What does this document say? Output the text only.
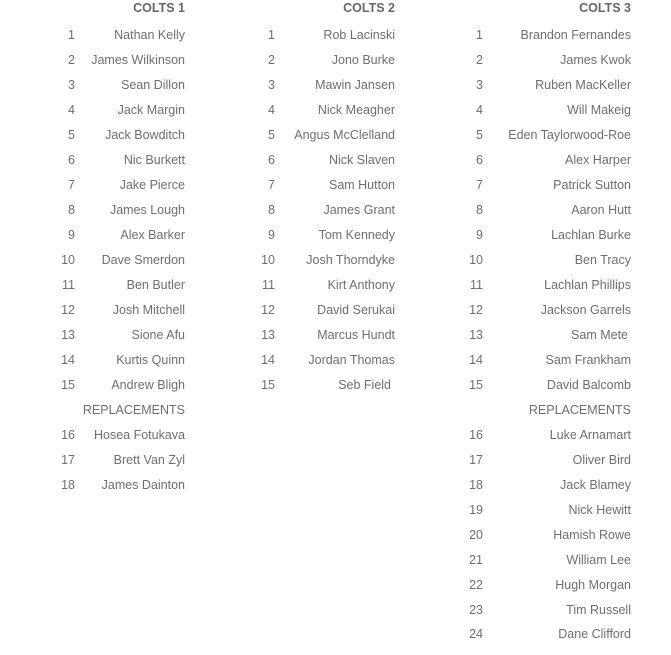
COLTS 1
1	Nathan Kelly
2 James Wilkinson
3	Sean Dillon
4	Jack Margin
5 Jack Bowditch
6	Nic Burkett
7	Jake Pierce
8	James Lough
9	Alex Barker
10 Dave Smerdon
11	Ben Butler
12	Josh Mitchell
13	Sione Afu
14	Kurtis Quinn
15	Andrew Bligh
REPLACEMENTS
16 Hosea Fotukava
17	Brett Van Zyl
18 James Dainton
COLTS 2
1	Rob Lacinski
2	Jono Burke
3	Mawin Jansen
4	Nick Meagher
5 Angus McClelland
6	Nick Slaven
7	Sam Hutton
8	James Grant
9	Tom Kennedy
10	Josh Thorndyke
11	Kirt Anthony
12	David Serukai
13	Marcus Hundt
14	Jordan Thomas
15	Seb Field
COLTS 3
1	Brandon Fernandes
2	James Kwok
3	Ruben MacKeller
4	Will Makeig
5 Eden Taylorwood-Roe
6	Alex Harper
7	Patrick Sutton
8	Aaron Hutt
9	Lachlan Burke
10	Ben Tracy
11	Lachlan Phillips
12	Jackson Garrels
13	Sam Mete
14	Sam Frankham
15	David Balcomb
REPLACEMENTS
16	Luke Arnamart
17	Oliver Bird
18	Jack Blamey
19	Nick Hewitt
20	Hamish Rowe
21	William Lee
22	Hugh Morgan
23	Tim Russell
24	Dane Clifford
